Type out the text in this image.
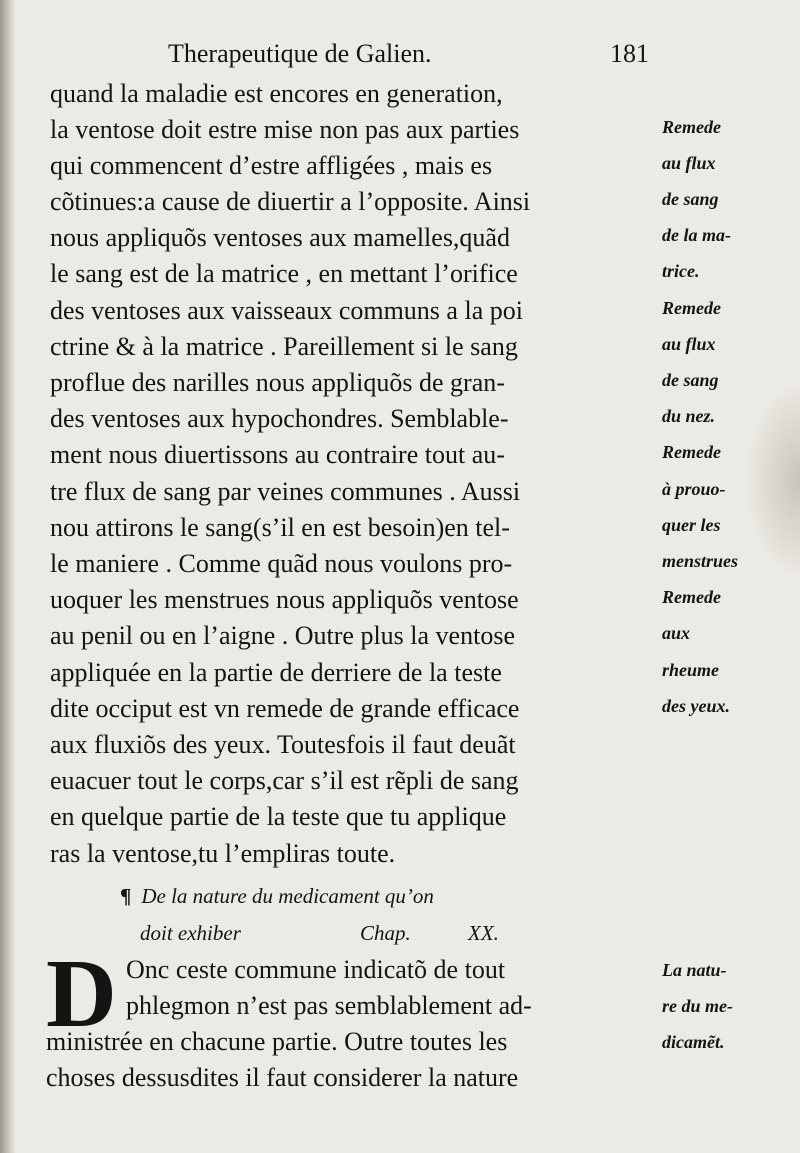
Therapeutique de Galien.	181
quand la maladie est encores en generation,
la ventose doit estre mise non pas aux parties
qui commencent d’estre affligées , mais es
cõtinues:a cause de diuertir a l’opposite. Ainsi
nous appliquõs ventoses aux mamelles,quãd
le sang est de la matrice , en mettant l’orifice
des ventoses aux vaisseaux communs a la poi
ctrine & à la matrice . Pareillement si le sang
proflue des narilles nous appliquõs de gran-
des ventoses aux hypochondres. Semblable-
ment nous diuertissons au contraire tout au-
tre flux de sang par veines communes . Aussi
nou attirons le sang(s’il en est besoin)en tel-
le maniere . Comme quãd nous voulons pro-
uoquer les menstrues nous appliquõs ventose
au penil ou en l’aigne . Outre plus la ventose
appliquée en la partie de derriere de la teste
dite occiput est vn remede de grande efficace
aux fluxiõs des yeux. Toutesfois il faut deuãt
euacuer tout le corps,car s’il est rẽpli de sang
en quelque partie de la teste que tu applique
ras la ventose,tu l’empliras toute.
Remede
au flux
de sang
de la ma-
trice.
Remede
au flux
de sang
du nez.
Remede
à prouo-
quer les
menstrues
Remede
aux
rheume
des yeux.
¶ De la nature du medicament qu’on
doit exhiber	Chap.	XX.
D Onc ceste commune indicatõ de tout
phlegmon n’est pas semblablement ad-
ministrée en chacune partie. Outre toutes les
choses dessusdites il faut considerer la nature
La natu-
re du me-
dicamẽt.
